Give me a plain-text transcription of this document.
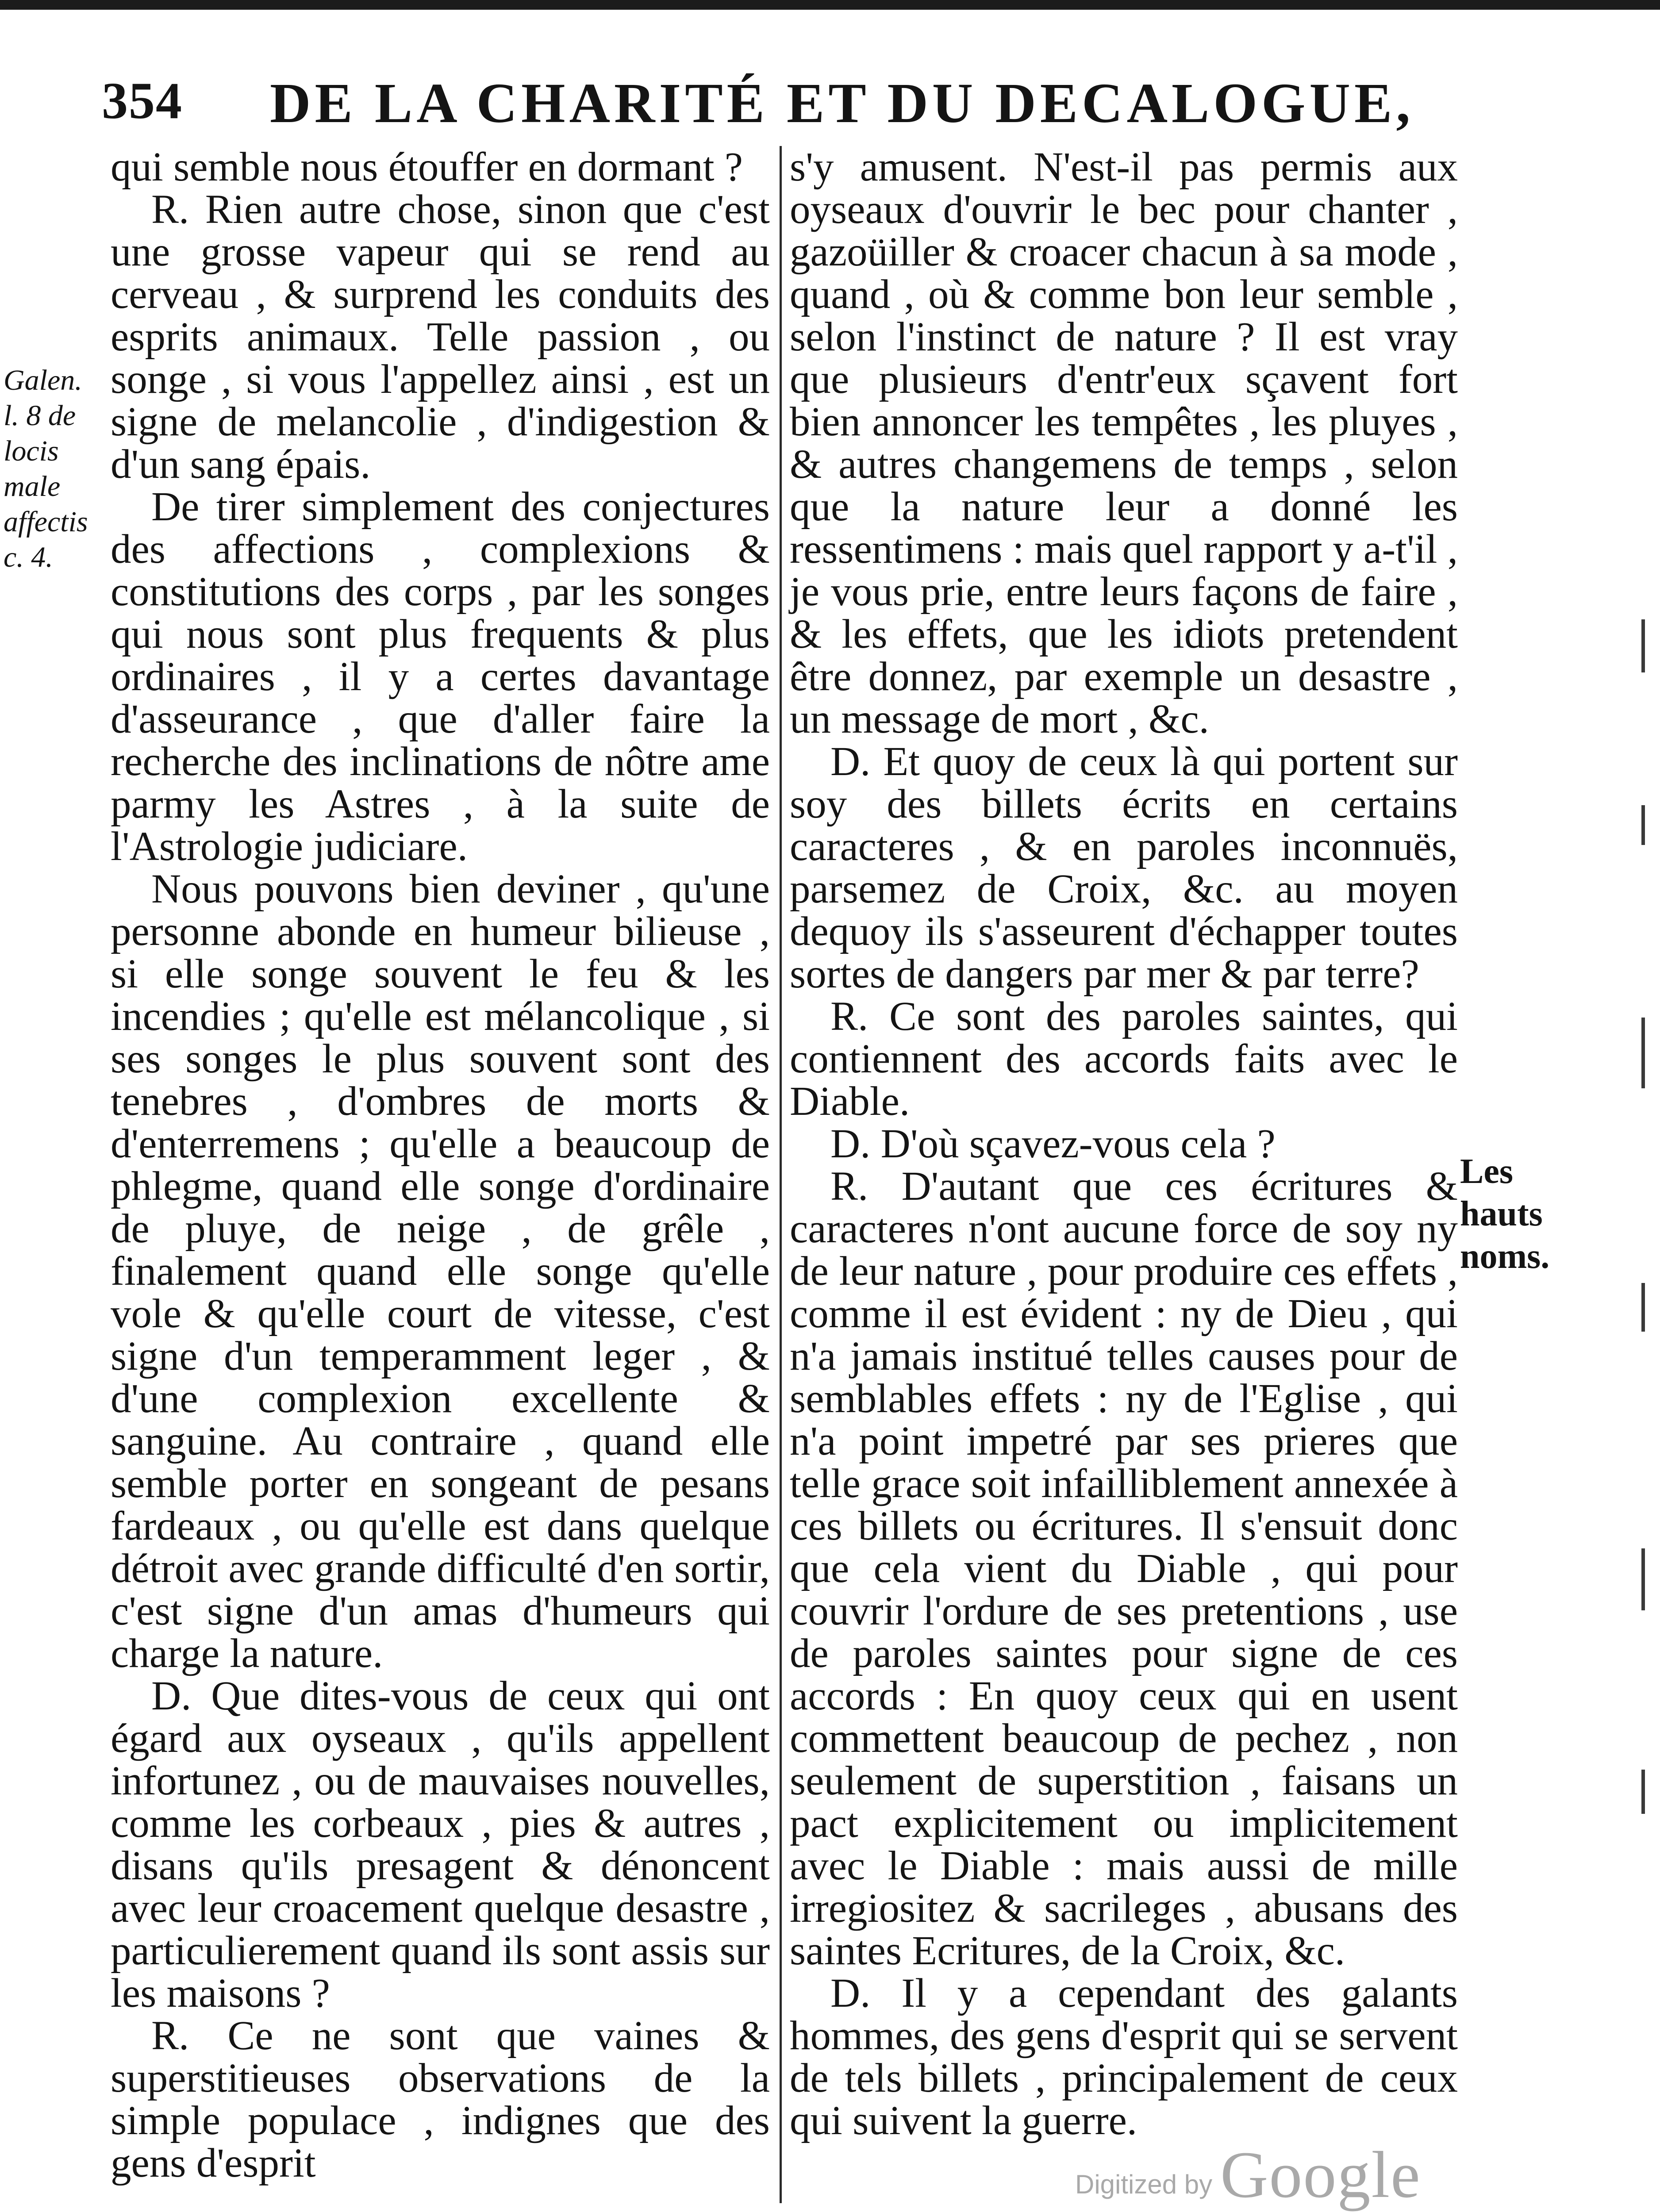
354 DE LA CHARITÉ ET DU DECALOGUE,
Galen.
l. 8 de
locis
male
affectis
c. 4.

qui semble nous étouffer en dormant ?

R. Rien autre chose, sinon que c'est une grosse vapeur qui se rend au cerveau , & surprend les conduits des esprits animaux. Telle passion , ou songe , si vous l'appellez ainsi , est un signe de melancolie , d'indigestion & d'un sang épais.

De tirer simplement des conjectures des affections , complexions & constitutions des corps , par les songes qui nous sont plus frequents & plus ordinaires , il y a certes davantage d'asseurance , que d'aller faire la recherche des inclinations de nôtre ame parmy les Astres , à la suite de l'Astrologie judiciare.

Nous pouvons bien deviner , qu'une personne abonde en humeur bilieuse , si elle songe souvent le feu & les incendies ; qu'elle est mélancolique , si ses songes le plus souvent sont des tenebres , d'ombres de morts & d'enterremens ; qu'elle a beaucoup de phlegme, quand elle songe d'ordinaire de pluye, de neige , de grêle , finalement quand elle songe qu'elle vole & qu'elle court de vitesse, c'est signe d'un temperamment leger , & d'une complexion excellente & sanguine. Au contraire , quand elle semble porter en songeant de pesans fardeaux , ou qu'elle est dans quelque détroit avec grande difficulté d'en sortir, c'est signe d'un amas d'humeurs qui charge la nature.

D. Que dites-vous de ceux qui ont égard aux oyseaux , qu'ils appellent infortunez , ou de mauvaises nouvelles, comme les corbeaux , pies & autres , disans qu'ils presagent & dénoncent avec leur croacement quelque desastre , particulierement quand ils sont assis sur les maisons ?

R. Ce ne sont que vaines & superstitieuses observations de la simple populace , indignes que des gens d'esprit

s'y amusent. N'est-il pas permis aux oyseaux d'ouvrir le bec pour chanter , gazoüiller & croacer chacun à sa mode , quand , où & comme bon leur semble , selon l'instinct de nature ? Il est vray que plusieurs d'entr'eux sçavent fort bien annoncer les tempêtes , les pluyes , & autres changemens de temps , selon que la nature leur a donné les ressentimens : mais quel rapport y a-t'il , je vous prie, entre leurs façons de faire , & les effets, que les idiots pretendent être donnez, par exemple un desastre , un message de mort , &c.

D. Et quoy de ceux là qui portent sur soy des billets écrits en certains caracteres , & en paroles inconnuës, parsemez de Croix, &c. au moyen dequoy ils s'asseurent d'échapper toutes sortes de dangers par mer & par terre?

R. Ce sont des paroles saintes, qui contiennent des accords faits avec le Diable.

D. D'où sçavez-vous cela ?

R. D'autant que ces écritures & caracteres n'ont aucune force de soy ny de leur nature , pour produire ces effets , comme il est évident : ny de Dieu , qui n'a jamais institué telles causes pour de semblables effets : ny de l'Eglise , qui n'a point impetré par ses prieres que telle grace soit infailliblement annexée à ces billets ou écritures. Il s'ensuit donc que cela vient du Diable , qui pour couvrir l'ordure de ses pretentions , use de paroles saintes pour signe de ces accords : En quoy ceux qui en usent commettent beaucoup de pechez , non seulement de superstition , faisans un pact explicitement ou implicitement avec le Diable : mais aussi de mille irregiositez & sacrileges , abusans des saintes Ecritures, de la Croix, &c.

D. Il y a cependant des galants hommes, des gens d'esprit qui se servent de tels billets , principalement de ceux qui suivent la guerre.

Les
hauts
noms.
Digitized by Google
